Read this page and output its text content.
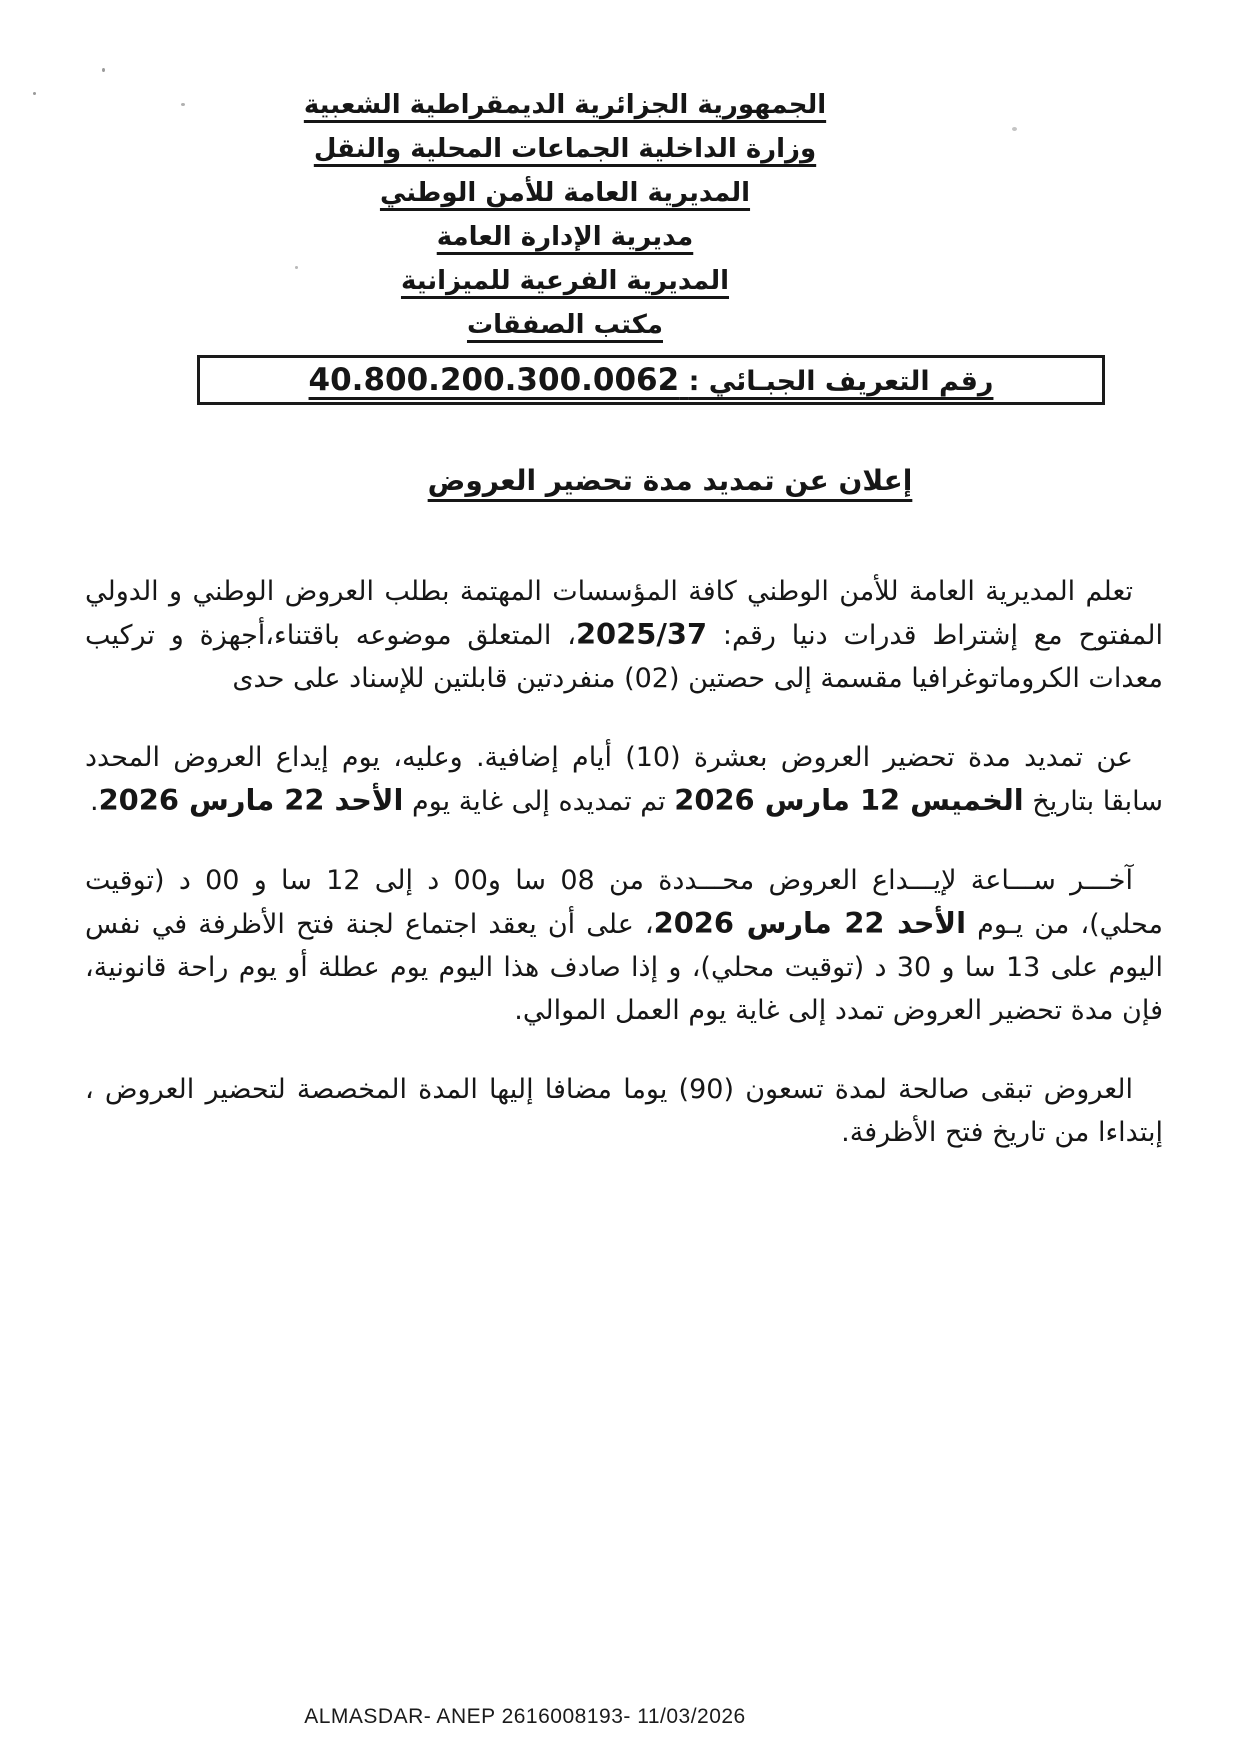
الجمهورية الجزائرية الديمقراطية الشعبية
وزارة الداخلية الجماعات المحلية والنقل
المديرية العامة للأمن الوطني
مديرية الإدارة العامة
المديرية الفرعية للميزانية
مكتب الصفقات
رقم التعريف الجبـائي : 40.800.200.300.0062
إعلان عن تمديد مدة تحضير العروض

تعلم المديرية العامة للأمن الوطني كافة المؤسسات المهتمة بطلب العروض الوطني و الدولي المفتوح مع إشتراط قدرات دنيا رقم: 2025/37، المتعلق موضوعه باقتناء،أجهزة و تركيب معدات الكروماتوغرافيا مقسمة إلى حصتين (02) منفردتين قابلتين للإسناد على حدى

عن تمديد مدة تحضير العروض بعشرة (10) أيام إضافية. وعليه، يوم إيداع العروض المحدد سابقا بتاريخ الخميس 12 مارس 2026 تم تمديده إلى غاية يوم الأحد 22 مارس 2026.

آخـــر ســـاعة لإيـــداع العروض محـــددة من 08 سا و00 د إلى 12 سا و 00 د (توقيت محلي)، من يـوم الأحد 22 مارس 2026، على أن يعقد اجتماع لجنة فتح الأظرفة في نفس اليوم على 13 سا و 30 د (توقيت محلي)، و إذا صادف هذا اليوم يوم عطلة أو يوم راحة قانونية، فإن مدة تحضير العروض تمدد إلى غاية يوم العمل الموالي.

العروض تبقى صالحة لمدة تسعون (90) يوما مضافا إليها المدة المخصصة لتحضير العروض ، إبتداءا من تاريخ فتح الأظرفة.

ALMASDAR- ANEP 2616008193- 11/03/2026
